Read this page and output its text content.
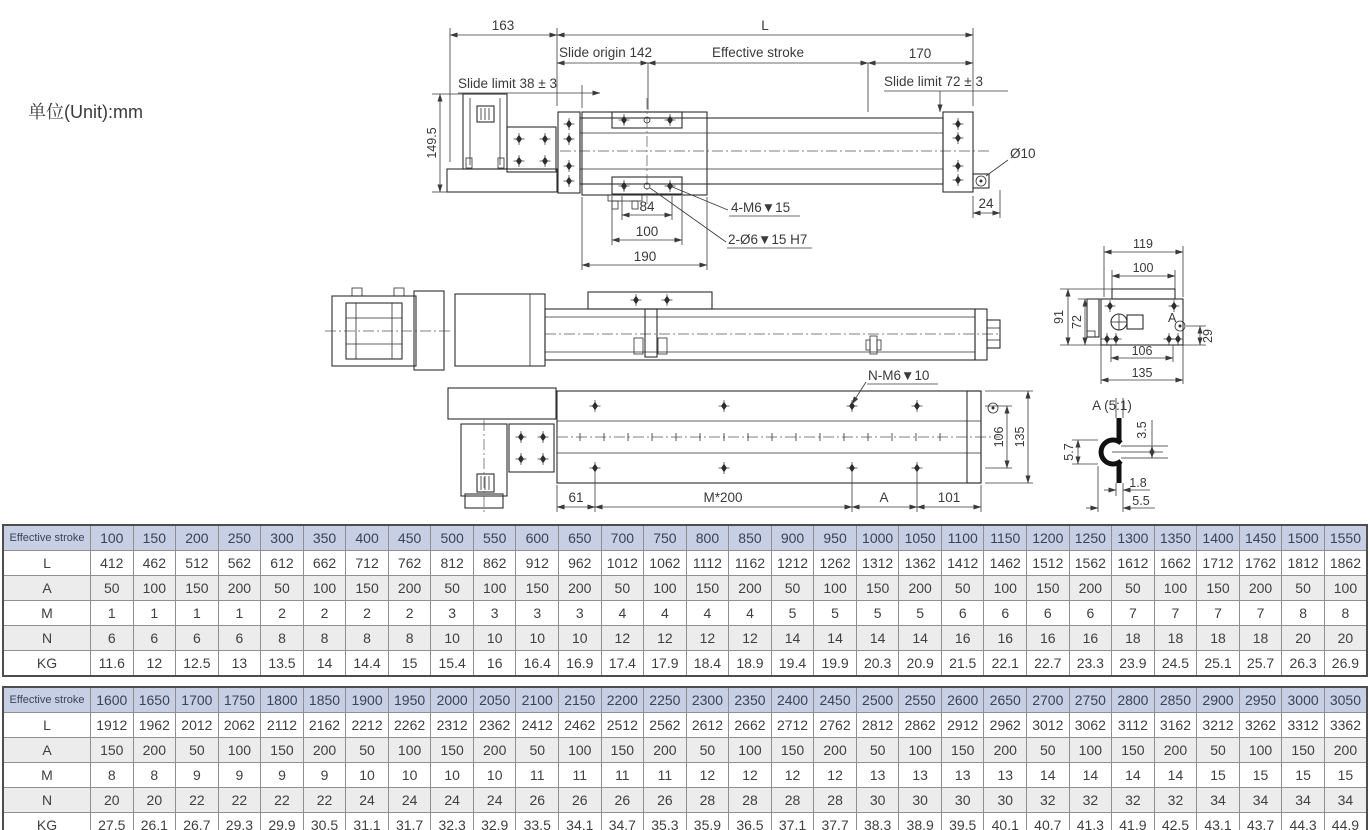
单位(Unit):mm
163	L
Slide origin 142	Effective stroke	170
Slide limit 38 ± 3	Slide limit 72 ± 3
149.5
84
100
190
4-M6▼15
2-Ø6▼15 H7
Ø10
24
119
100
A
91 72
106
135
29
N-M6▼10
61	M*200	A	101
106 135
A (5:1)
5.7
3.5
1.8
5.5
Effective stroke	100	150	200	250	300	350	400	450	500	550	600	650	700	750	800	850	900	950	1000	1050	1100	1150	1200	1250	1300	1350	1400	1450	1500	1550
L	412	462	512	562	612	662	712	762	812	862	912	962	1012	1062	1112	1162	1212	1262	1312	1362	1412	1462	1512	1562	1612	1662	1712	1762	1812	1862
A	50	100	150	200	50	100	150	200	50	100	150	200	50	100	150	200	50	100	150	200	50	100	150	200	50	100	150	200	50	100
M	1	1	1	1	2	2	2	2	3	3	3	3	4	4	4	4	5	5	5	5	6	6	6	6	7	7	7	7	8	8
N	6	6	6	6	8	8	8	8	10	10	10	10	12	12	12	12	14	14	14	14	16	16	16	16	18	18	18	18	20	20
KG	11.6	12	12.5	13	13.5	14	14.4	15	15.4	16	16.4	16.9	17.4	17.9	18.4	18.9	19.4	19.9	20.3	20.9	21.5	22.1	22.7	23.3	23.9	24.5	25.1	25.7	26.3	26.9
Effective stroke	1600	1650	1700	1750	1800	1850	1900	1950	2000	2050	2100	2150	2200	2250	2300	2350	2400	2450	2500	2550	2600	2650	2700	2750	2800	2850	2900	2950	3000	3050
L	1912	1962	2012	2062	2112	2162	2212	2262	2312	2362	2412	2462	2512	2562	2612	2662	2712	2762	2812	2862	2912	2962	3012	3062	3112	3162	3212	3262	3312	3362
A	150	200	50	100	150	200	50	100	150	200	50	100	150	200	50	100	150	200	50	100	150	200	50	100	150	200	50	100	150	200
M	8	8	9	9	9	9	10	10	10	10	11	11	11	11	12	12	12	12	13	13	13	13	14	14	14	14	15	15	15	15
N	20	20	22	22	22	22	24	24	24	24	26	26	26	26	28	28	28	28	30	30	30	30	32	32	32	32	34	34	34	34
KG	27.5	26.1	26.7	29.3	29.9	30.5	31.1	31.7	32.3	32.9	33.5	34.1	34.7	35.3	35.9	36.5	37.1	37.7	38.3	38.9	39.5	40.1	40.7	41.3	41.9	42.5	43.1	43.7	44.3	44.9
